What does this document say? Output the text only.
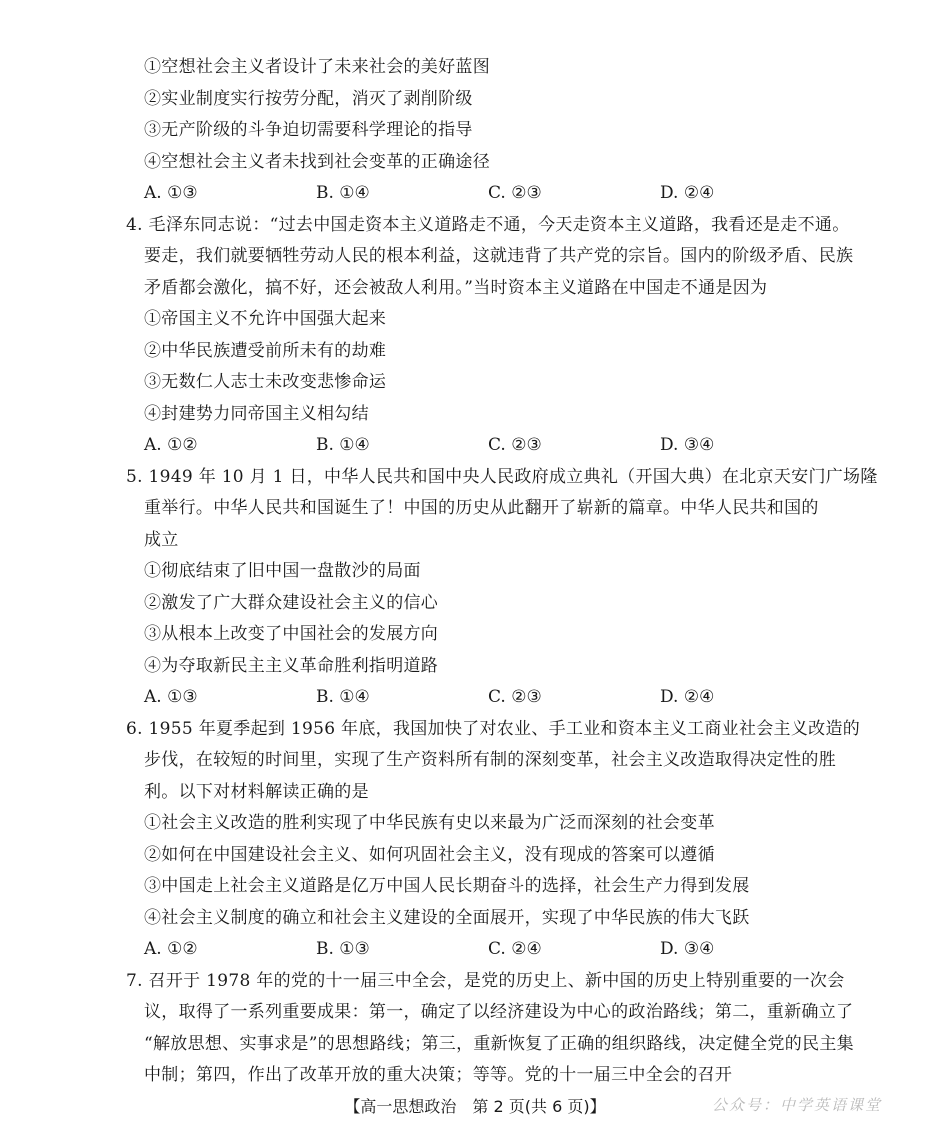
①空想社会主义者设计了未来社会的美好蓝图
②实业制度实行按劳分配，消灭了剥削阶级
③无产阶级的斗争迫切需要科学理论的指导
④空想社会主义者未找到社会变革的正确途径
A. ①③	B. ①④	C. ②③	D. ②④
4. 毛泽东同志说：“过去中国走资本主义道路走不通，今天走资本主义道路，我看还是走不通。
要走，我们就要牺牲劳动人民的根本利益，这就违背了共产党的宗旨。国内的阶级矛盾、民族
矛盾都会激化，搞不好，还会被敌人利用。”当时资本主义道路在中国走不通是因为
①帝国主义不允许中国强大起来
②中华民族遭受前所未有的劫难
③无数仁人志士未改变悲惨命运
④封建势力同帝国主义相勾结
A. ①②	B. ①④	C. ②③	D. ③④
5. 1949 年 10 月 1 日，中华人民共和国中央人民政府成立典礼（开国大典）在北京天安门广场隆
重举行。中华人民共和国诞生了！中国的历史从此翻开了崭新的篇章。中华人民共和国的
成立
①彻底结束了旧中国一盘散沙的局面
②激发了广大群众建设社会主义的信心
③从根本上改变了中国社会的发展方向
④为夺取新民主主义革命胜利指明道路
A. ①③	B. ①④	C. ②③	D. ②④
6. 1955 年夏季起到 1956 年底，我国加快了对农业、手工业和资本主义工商业社会主义改造的
步伐，在较短的时间里，实现了生产资料所有制的深刻变革，社会主义改造取得决定性的胜
利。以下对材料解读正确的是
①社会主义改造的胜利实现了中华民族有史以来最为广泛而深刻的社会变革
②如何在中国建设社会主义、如何巩固社会主义，没有现成的答案可以遵循
③中国走上社会主义道路是亿万中国人民长期奋斗的选择，社会生产力得到发展
④社会主义制度的确立和社会主义建设的全面展开，实现了中华民族的伟大飞跃
A. ①②	B. ①③	C. ②④	D. ③④
7. 召开于 1978 年的党的十一届三中全会，是党的历史上、新中国的历史上特别重要的一次会
议，取得了一系列重要成果：第一，确定了以经济建设为中心的政治路线；第二，重新确立了
“解放思想、实事求是”的思想路线；第三，重新恢复了正确的组织路线，决定健全党的民主集
中制；第四，作出了改革开放的重大决策；等等。党的十一届三中全会的召开
【高一思想政治　第 2 页(共 6 页)】	公众号：中学英语课堂
